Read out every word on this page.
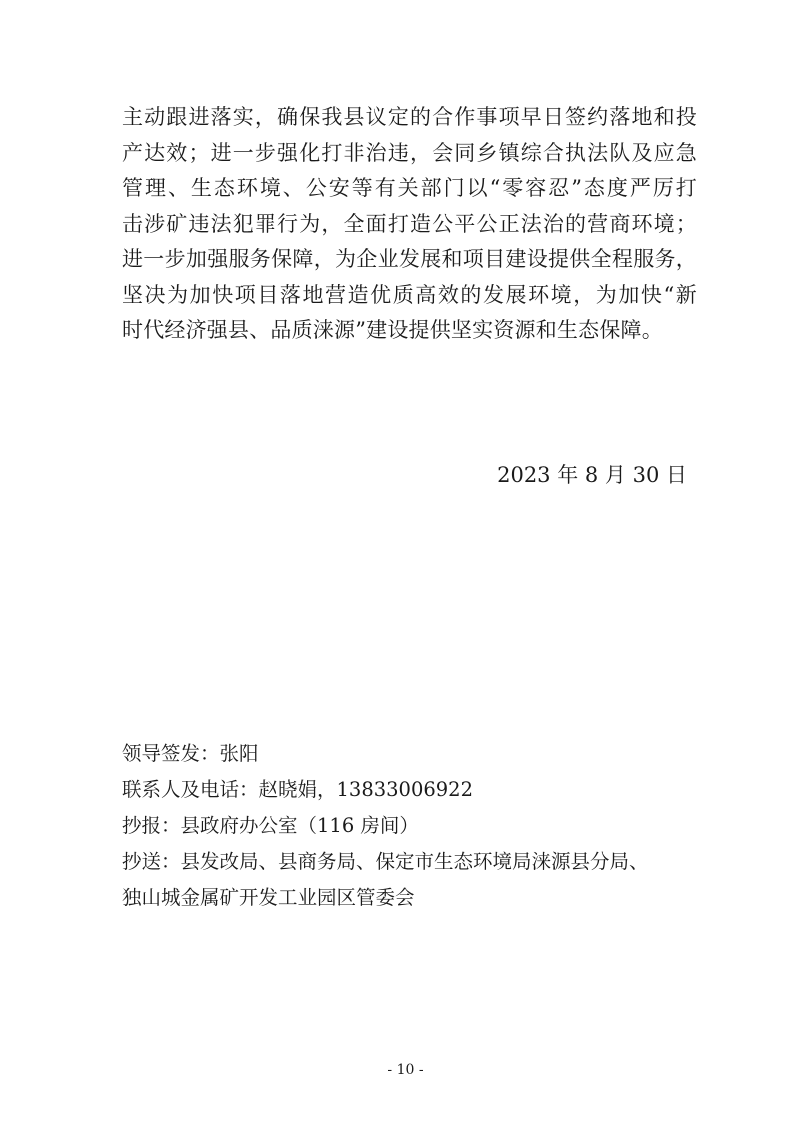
主动跟进落实，确保我县议定的合作事项早日签约落地和投
产达效；进一步强化打非治违，会同乡镇综合执法队及应急
管理、生态环境、公安等有关部门以“零容忍”态度严厉打
击涉矿违法犯罪行为，全面打造公平公正法治的营商环境；
进一步加强服务保障，为企业发展和项目建设提供全程服务，
坚决为加快项目落地营造优质高效的发展环境，为加快“新
时代经济强县、品质涞源”建设提供坚实资源和生态保障。
2023 年 8 月 30 日
领导签发：张阳
联系人及电话：赵晓娟，13833006922
抄报：县政府办公室（116 房间）
抄送：县发改局、县商务局、保定市生态环境局涞源县分局、
独山城金属矿开发工业园区管委会
- 10 -
